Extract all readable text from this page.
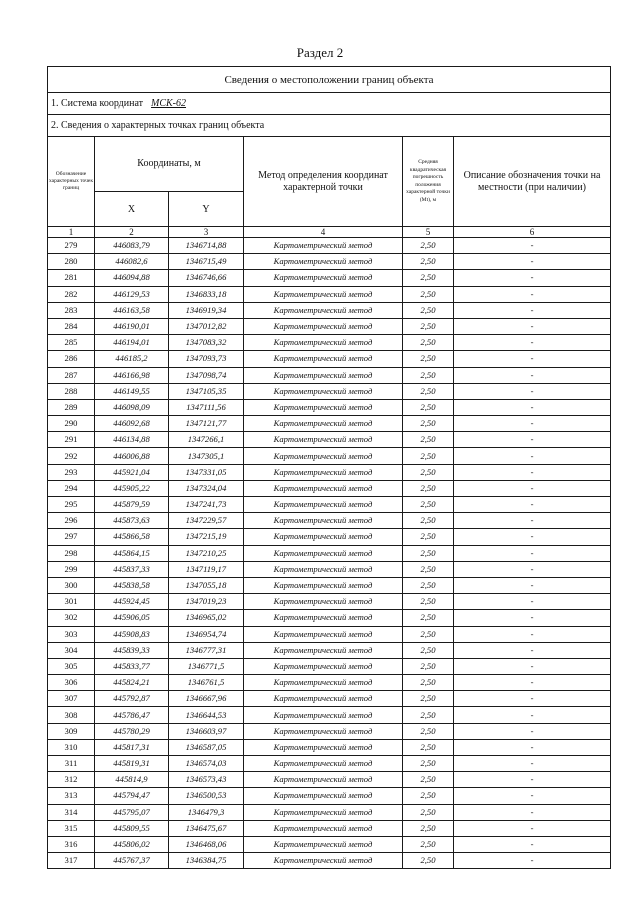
Раздел 2
Сведения о местоположении границ объекта					
1. Система координат МСК-62					
2. Сведения о характерных точках границ объекта					
Обозначение характерных точек границ	Координаты, м		Метод определения координат характерной точки	Средняя квадратическая погрешность положения характерной точки (Mt), м	Описание обозначения точки на местности (при наличии)
	X	Y			
1	2	3	4	5	6
279	446083,79	1346714,88	Картометрический метод	2,50	-
280	446082,6	1346715,49	Картометрический метод	2,50	-
281	446094,88	1346746,66	Картометрический метод	2,50	-
282	446129,53	1346833,18	Картометрический метод	2,50	-
283	446163,58	1346919,34	Картометрический метод	2,50	-
284	446190,01	1347012,82	Картометрический метод	2,50	-
285	446194,01	1347083,32	Картометрический метод	2,50	-
286	446185,2	1347093,73	Картометрический метод	2,50	-
287	446166,98	1347098,74	Картометрический метод	2,50	-
288	446149,55	1347105,35	Картометрический метод	2,50	-
289	446098,09	1347111,56	Картометрический метод	2,50	-
290	446092,68	1347121,77	Картометрический метод	2,50	-
291	446134,88	1347266,1	Картометрический метод	2,50	-
292	446006,88	1347305,1	Картометрический метод	2,50	-
293	445921,04	1347331,05	Картометрический метод	2,50	-
294	445905,22	1347324,04	Картометрический метод	2,50	-
295	445879,59	1347241,73	Картометрический метод	2,50	-
296	445873,63	1347229,57	Картометрический метод	2,50	-
297	445866,58	1347215,19	Картометрический метод	2,50	-
298	445864,15	1347210,25	Картометрический метод	2,50	-
299	445837,33	1347119,17	Картометрический метод	2,50	-
300	445838,58	1347055,18	Картометрический метод	2,50	-
301	445924,45	1347019,23	Картометрический метод	2,50	-
302	445906,05	1346965,02	Картометрический метод	2,50	-
303	445908,83	1346954,74	Картометрический метод	2,50	-
304	445839,33	1346777,31	Картометрический метод	2,50	-
305	445833,77	1346771,5	Картометрический метод	2,50	-
306	445824,21	1346761,5	Картометрический метод	2,50	-
307	445792,87	1346667,96	Картометрический метод	2,50	-
308	445786,47	1346644,53	Картометрический метод	2,50	-
309	445780,29	1346603,97	Картометрический метод	2,50	-
310	445817,31	1346587,05	Картометрический метод	2,50	-
311	445819,31	1346574,03	Картометрический метод	2,50	-
312	445814,9	1346573,43	Картометрический метод	2,50	-
313	445794,47	1346500,53	Картометрический метод	2,50	-
314	445795,07	1346479,3	Картометрический метод	2,50	-
315	445809,55	1346475,67	Картометрический метод	2,50	-
316	445806,02	1346468,06	Картометрический метод	2,50	-
317	445767,37	1346384,75	Картометрический метод	2,50	-
